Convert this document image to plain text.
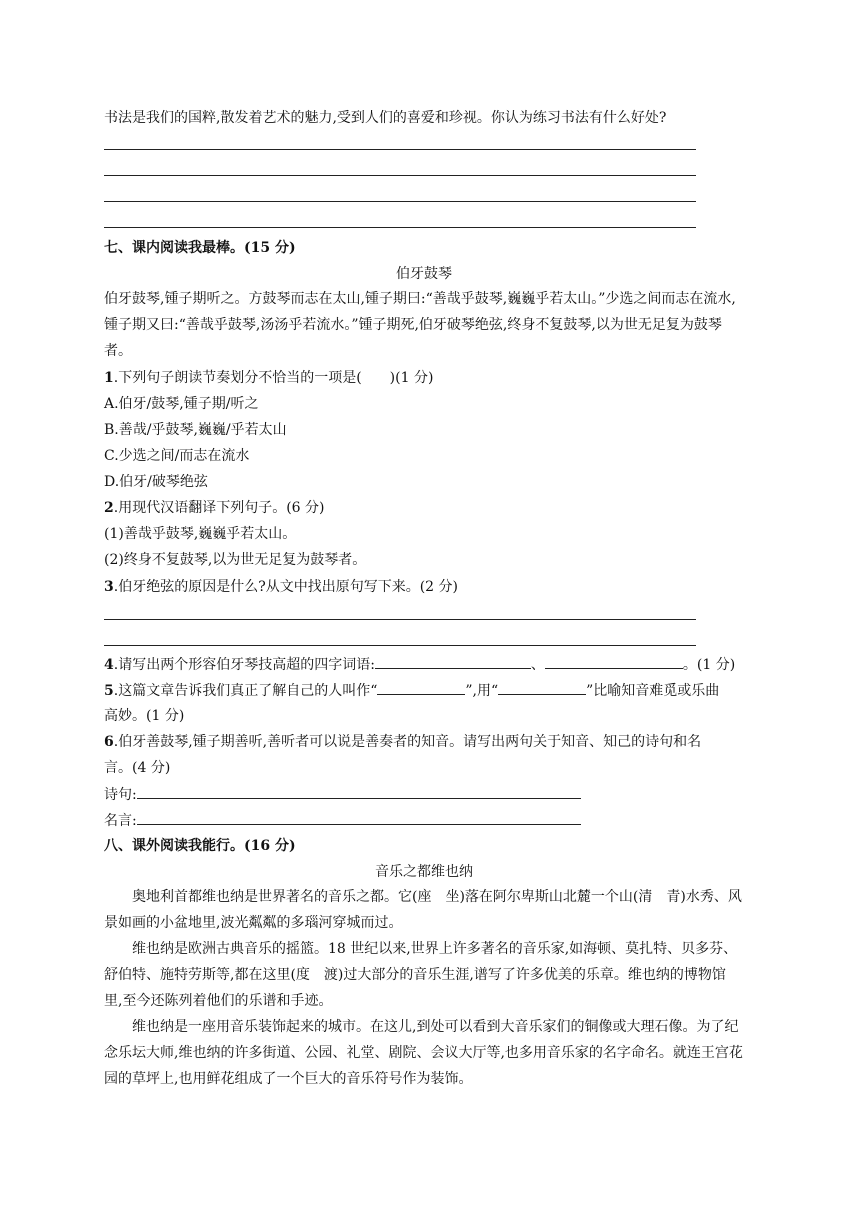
书法是我们的国粹,散发着艺术的魅力,受到人们的喜爱和珍视。你认为练习书法有什么好处?
七、课内阅读我最棒。(15 分)
伯牙鼓琴
伯牙鼓琴,锺子期听之。方鼓琴而志在太山,锺子期曰:“善哉乎鼓琴,巍巍乎若太山。”少选之间而志在流水,锺子期又曰:“善哉乎鼓琴,汤汤乎若流水。”锺子期死,伯牙破琴绝弦,终身不复鼓琴,以为世无足复为鼓琴者。
1.下列句子朗读节奏划分不恰当的一项是(　　)(1 分)
A.伯牙/鼓琴,锺子期/听之
B.善哉/乎鼓琴,巍巍/乎若太山
C.少选之间/而志在流水
D.伯牙/破琴绝弦
2.用现代汉语翻译下列句子。(6 分)
(1)善哉乎鼓琴,巍巍乎若太山。
(2)终身不复鼓琴,以为世无足复为鼓琴者。
3.伯牙绝弦的原因是什么?从文中找出原句写下来。(2 分)
4.请写出两个形容伯牙琴技高超的四字词语:	、	。(1 分)
5.这篇文章告诉我们真正了解自己的人叫作“	”,用“	”比喻知音难觅或乐曲
高妙。(1 分)
6.伯牙善鼓琴,锺子期善听,善听者可以说是善奏者的知音。请写出两句关于知音、知己的诗句和名
言。(4 分)
诗句:
名言:
八、课外阅读我能行。(16 分)
音乐之都维也纳
奥地利首都维也纳是世界著名的音乐之都。它(座　坐)落在阿尔卑斯山北麓一个山(清　青)水秀、风景如画的小盆地里,波光粼粼的多瑙河穿城而过。
维也纳是欧洲古典音乐的摇篮。18 世纪以来,世界上许多著名的音乐家,如海顿、莫扎特、贝多芬、舒伯特、施特劳斯等,都在这里(度　渡)过大部分的音乐生涯,谱写了许多优美的乐章。维也纳的博物馆里,至今还陈列着他们的乐谱和手迹。
维也纳是一座用音乐装饰起来的城市。在这儿,到处可以看到大音乐家们的铜像或大理石像。为了纪念乐坛大师,维也纳的许多街道、公园、礼堂、剧院、会议大厅等,也多用音乐家的名字命名。就连王宫花园的草坪上,也用鲜花组成了一个巨大的音乐符号作为装饰。
